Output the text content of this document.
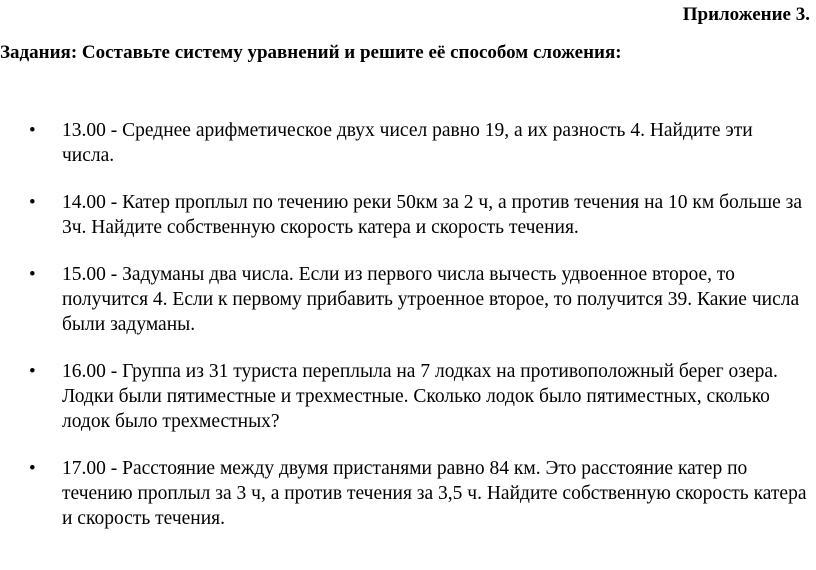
Приложение 3.

Задания: Составьте систему уравнений и решите её способом сложения:

• 13.00 - Среднее арифметическое двух чисел равно 19, а их разность 4. Найдите эти числа.
• 14.00 - Катер проплыл по течению реки 50км за 2 ч, а против течения на 10 км больше за 3ч. Найдите собственную скорость катера и скорость течения.
• 15.00 - Задуманы два числа. Если из первого числа вычесть удвоенное второе, то получится 4. Если к первому прибавить утроенное второе, то получится 39. Какие числа были задуманы.
• 16.00 - Группа из 31 туриста переплыла на 7 лодках на противоположный берег озера. Лодки были пятиместные и трехместные. Сколько лодок было пятиместных, сколько лодок было трехместных?
• 17.00 - Расстояние между двумя пристанями равно 84 км. Это расстояние катер по течению проплыл за 3 ч, а против течения за 3,5 ч. Найдите собственную скорость катера и скорость течения.
